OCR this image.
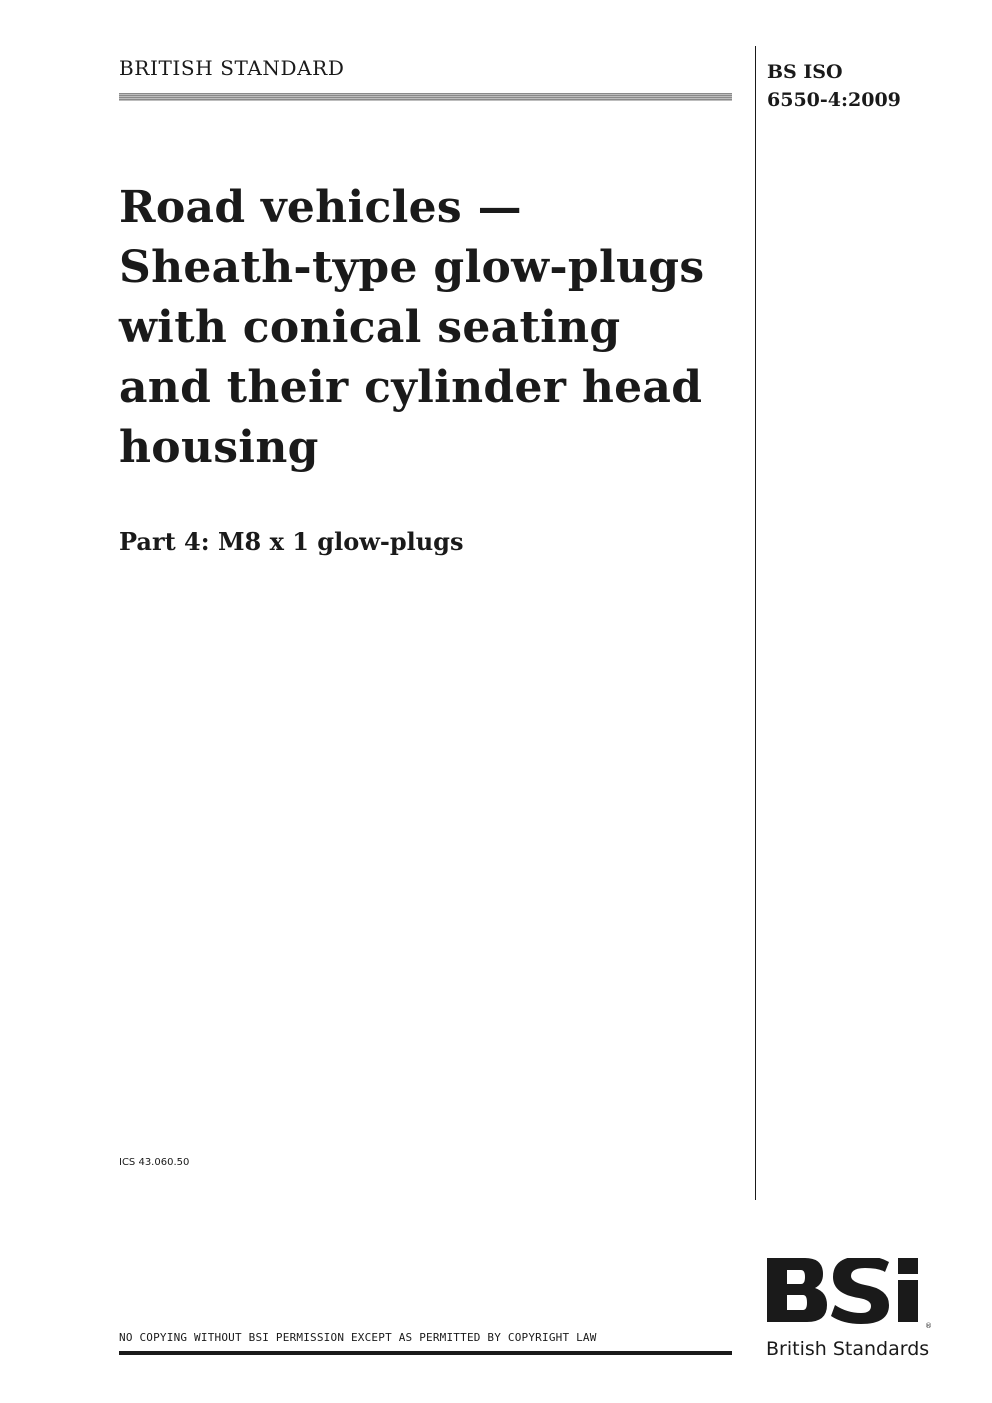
BRITISH STANDARD	BS ISO
6550-4:2009
Road vehicles —
Sheath-type glow-plugs
with conical seating
and their cylinder head
housing
Part 4: M8 x 1 glow-plugs
ICS 43.060.50
NO COPYING WITHOUT BSI PERMISSION EXCEPT AS PERMITTED BY COPYRIGHT LAW
®
British Standards
